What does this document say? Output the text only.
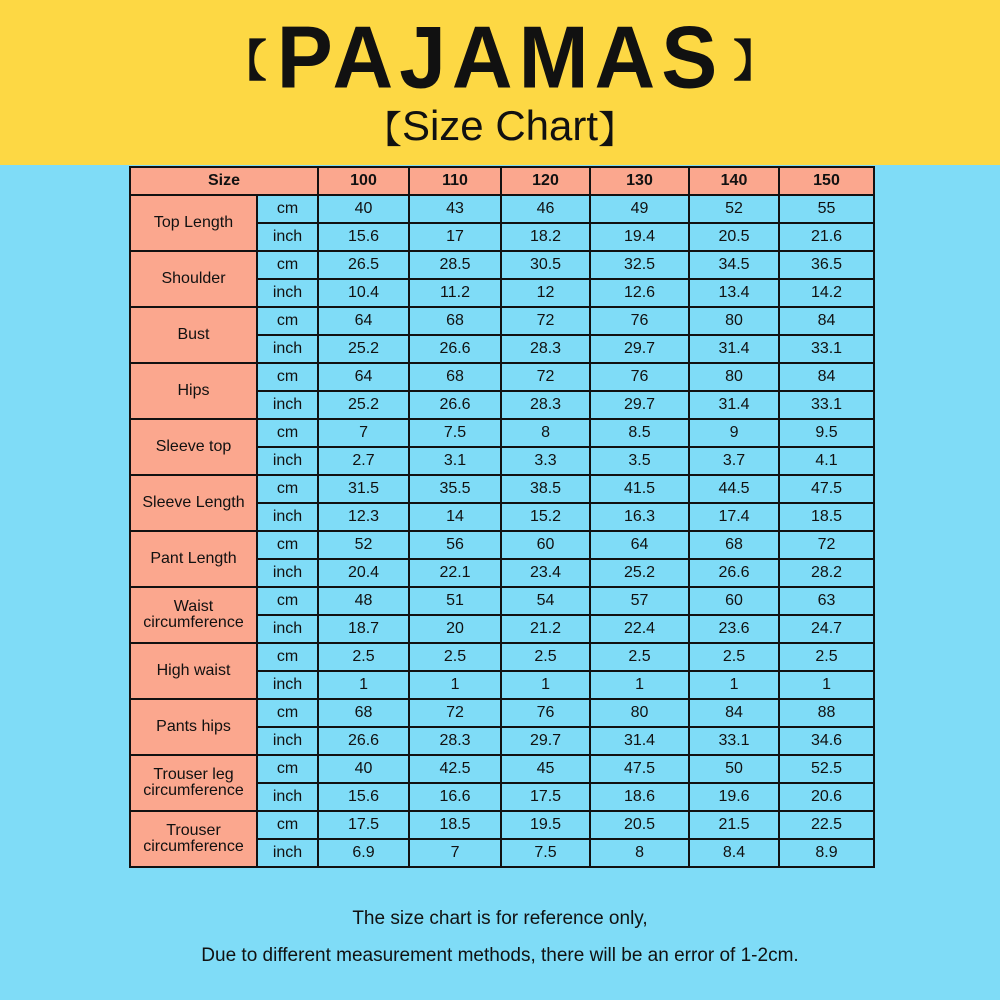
【 PAJAMAS 】
【 Size Chart 】
Size		100	110	120	130	140	150
Top Length	cm	40	43	46	49	52	55
	inch	15.6	17	18.2	19.4	20.5	21.6
Shoulder	cm	26.5	28.5	30.5	32.5	34.5	36.5
	inch	10.4	11.2	12	12.6	13.4	14.2
Bust	cm	64	68	72	76	80	84
	inch	25.2	26.6	28.3	29.7	31.4	33.1
Hips	cm	64	68	72	76	80	84
	inch	25.2	26.6	28.3	29.7	31.4	33.1
Sleeve top	cm	7	7.5	8	8.5	9	9.5
	inch	2.7	3.1	3.3	3.5	3.7	4.1
Sleeve Length	cm	31.5	35.5	38.5	41.5	44.5	47.5
	inch	12.3	14	15.2	16.3	17.4	18.5
Pant Length	cm	52	56	60	64	68	72
	inch	20.4	22.1	23.4	25.2	26.6	28.2
Waist circumference	cm	48	51	54	57	60	63
	inch	18.7	20	21.2	22.4	23.6	24.7
High waist	cm	2.5	2.5	2.5	2.5	2.5	2.5
	inch	1	1	1	1	1	1
Pants hips	cm	68	72	76	80	84	88
	inch	26.6	28.3	29.7	31.4	33.1	34.6
Trouser leg circumference	cm	40	42.5	45	47.5	50	52.5
	inch	15.6	16.6	17.5	18.6	19.6	20.6
Trouser circumference	cm	17.5	18.5	19.5	20.5	21.5	22.5
	inch	6.9	7	7.5	8	8.4	8.9
The size chart is for reference only,
Due to different measurement methods, there will be an error of 1-2cm.
